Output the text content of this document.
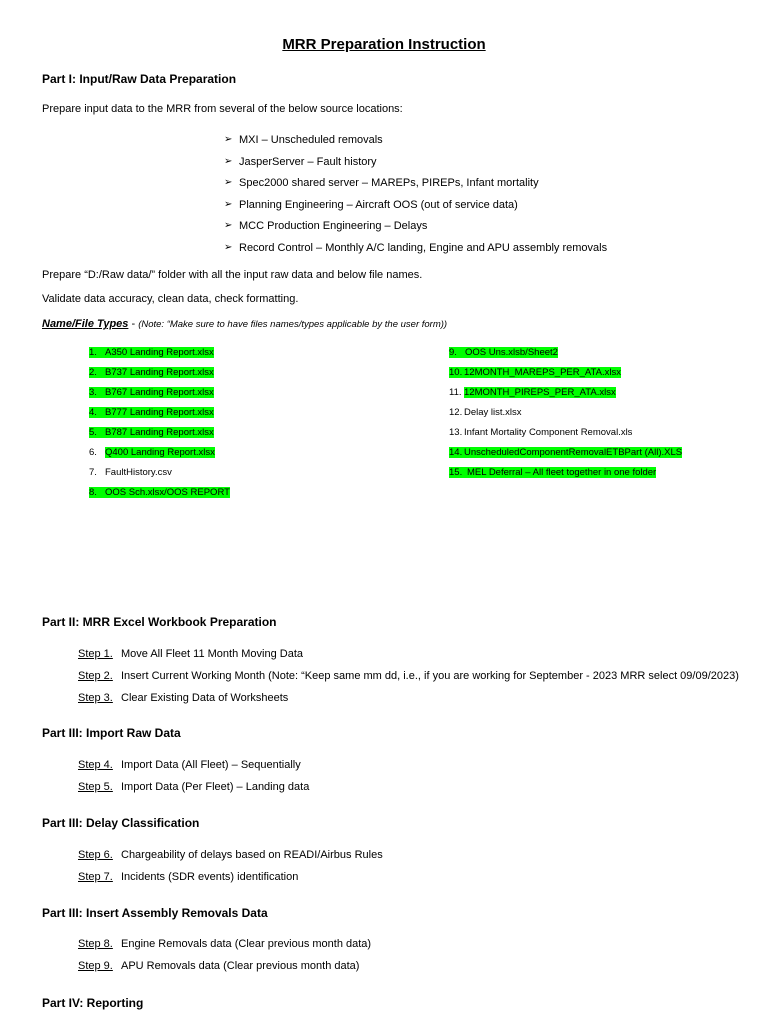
MRR Preparation Instruction
Part I: Input/Raw Data Preparation
Prepare input data to the MRR from several of the below source locations:
➢ MXI – Unscheduled removals
➢ JasperServer – Fault history
➢ Spec2000 shared server – MAREPs, PIREPs, Infant mortality
➢ Planning Engineering – Aircraft OOS (out of service data)
➢ MCC Production Engineering – Delays
➢ Record Control – Monthly A/C landing, Engine and APU assembly removals
Prepare “D:/Raw data/” folder with all the input raw data and below file names.
Validate data accuracy, clean data, check formatting.
Name/File Types - (Note: “Make sure to have files names/types applicable by the user form))
1. A350 Landing Report.xlsx
2. B737 Landing Report.xlsx
3. B767 Landing Report.xlsx
4. B777 Landing Report.xlsx
5. B787 Landing Report.xlsx
6. Q400 Landing Report.xlsx
7. FaultHistory.csv
8. OOS Sch.xlsx/OOS REPORT
9. OOS Uns.xlsb/Sheet2
10. 12MONTH_MAREPS_PER_ATA.xlsx
11. 12MONTH_PIREPS_PER_ATA.xlsx
12. Delay list.xlsx
13. Infant Mortality Component Removal.xls
14. UnscheduledComponentRemovalETBPart (All).XLS
15. MEL Deferral – All fleet together in one folder
Part II: MRR Excel Workbook Preparation
Step 1. Move All Fleet 11 Month Moving Data
Step 2. Insert Current Working Month (Note: “Keep same mm dd, i.e., if you are working for September - 2023 MRR select 09/09/2023)
Step 3. Clear Existing Data of Worksheets
Part III: Import Raw Data
Step 4. Import Data (All Fleet) – Sequentially
Step 5. Import Data (Per Fleet) – Landing data
Part III: Delay Classification
Step 6. Chargeability of delays based on READI/Airbus Rules
Step 7. Incidents (SDR events) identification
Part III: Insert Assembly Removals Data
Step 8. Engine Removals data (Clear previous month data)
Step 9. APU Removals data (Clear previous month data)
Part IV: Reporting
